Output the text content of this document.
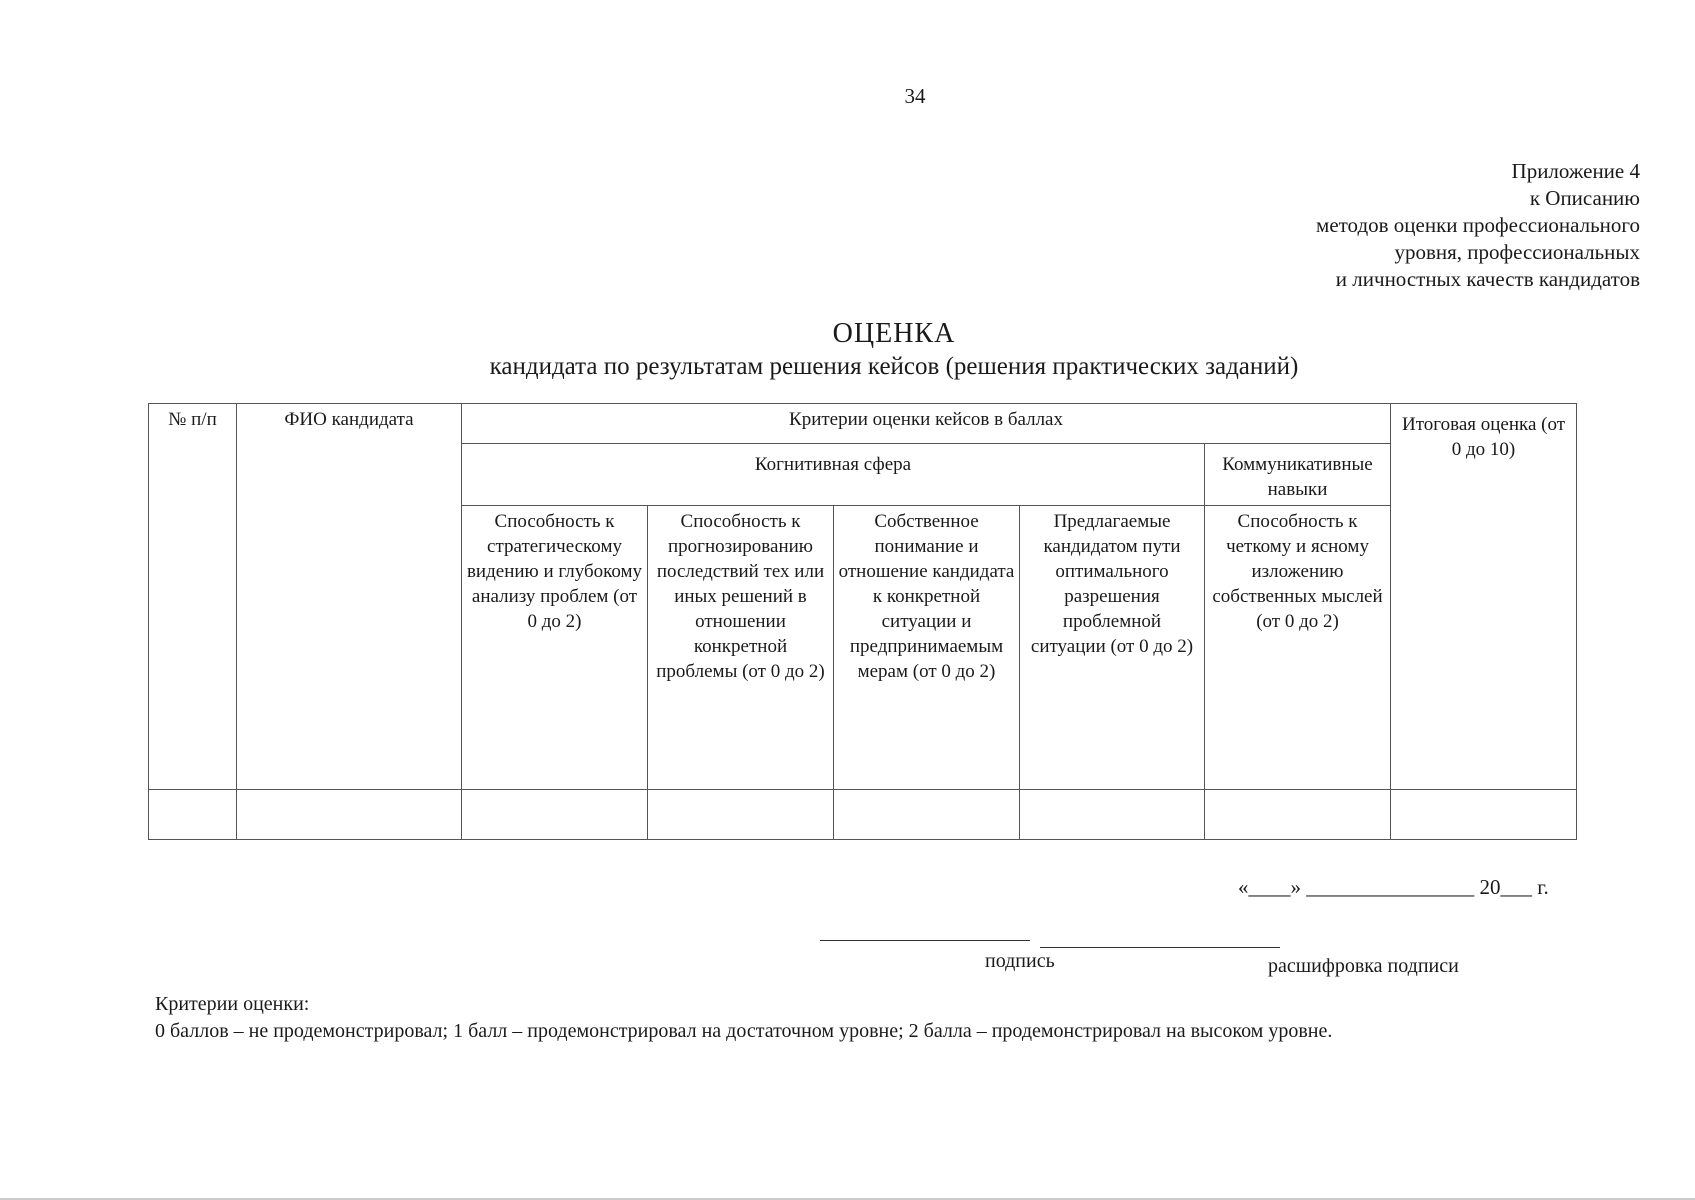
34
Приложение 4
к Описанию
методов оценки профессионального
уровня, профессиональных
и личностных качеств кандидатов
ОЦЕНКА
кандидата по результатам решения кейсов (решения практических заданий)
№ п/п	ФИО кандидата	Критерии оценки кейсов в баллах					Итоговая оценка (от 0 до 10)
		Когнитивная сфера				Коммуникативные навыки	
		Способность к стратегическому видению и глубокому анализу проблем (от 0 до 2)	Способность к прогнозированию последствий тех или иных решений в отношении конкретной проблемы (от 0 до 2)	Собственное понимание и отношение кандидата к конкретной ситуации и предпринимаемым мерам (от 0 до 2)	Предлагаемые кандидатом пути оптимального разрешения проблемной ситуации (от 0 до 2)	Способность к четкому и ясному изложению собственных мыслей (от 0 до 2)	

«____» ________________ 20___ г.
подпись	расшифровка подписи
Критерии оценки:
0 баллов – не продемонстрировал; 1 балл – продемонстрировал на достаточном уровне; 2 балла – продемонстрировал на высоком уровне.
